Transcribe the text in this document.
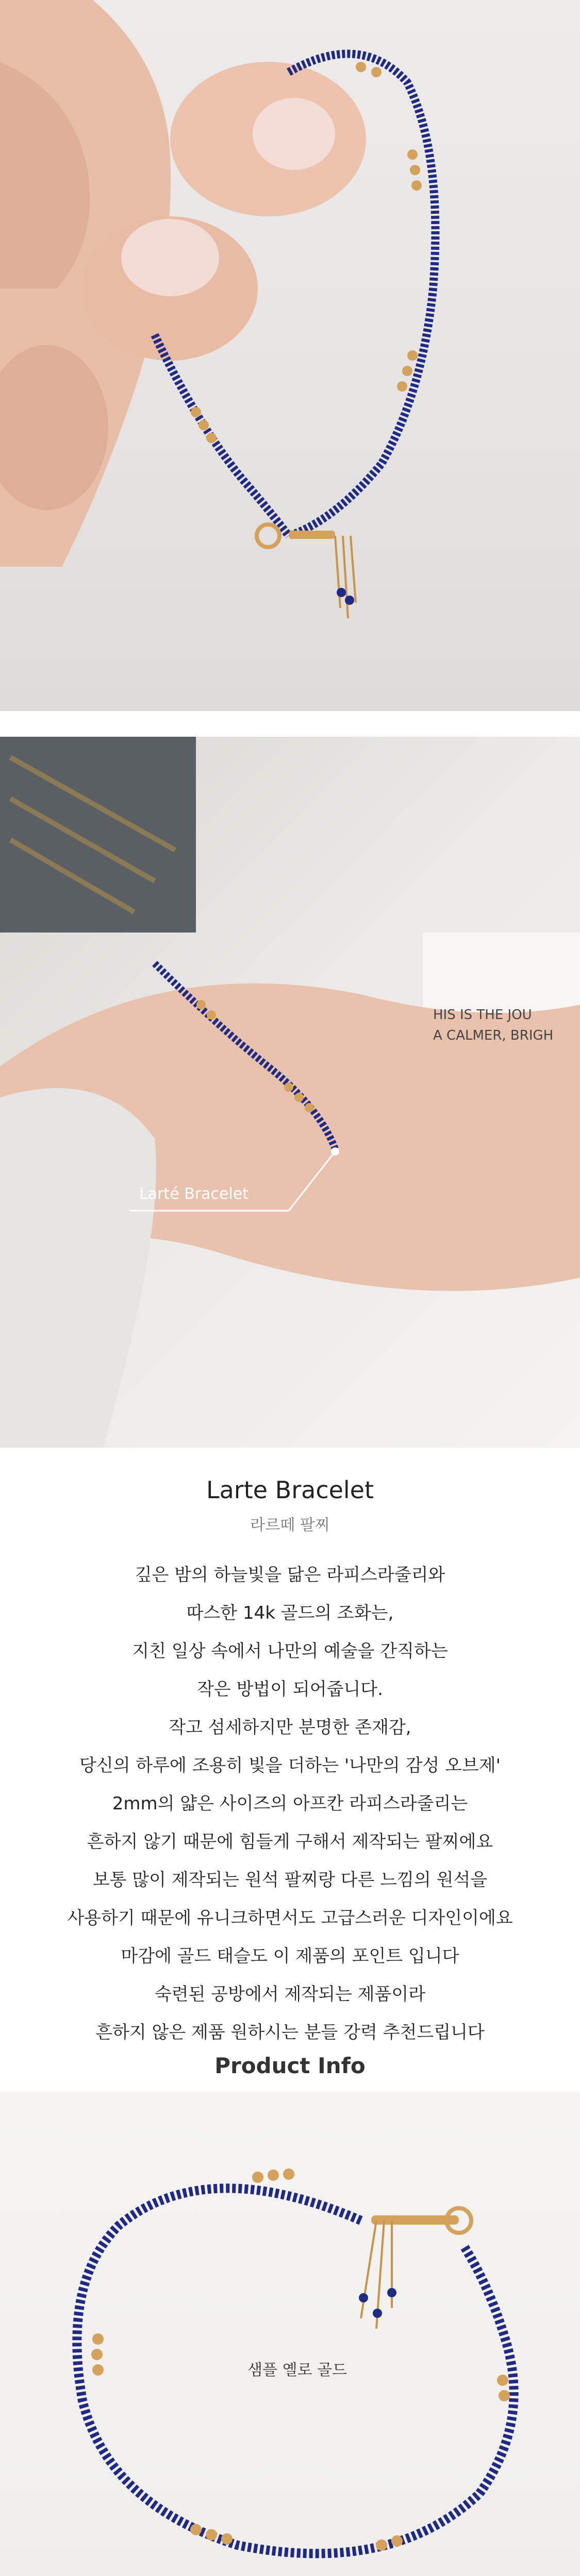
Larté Bracelet
HIS IS THE JOU
A CALMER, BRIGH
Larte Bracelet
라르떼 팔찌
깊은 밤의 하늘빛을 닮은 라피스라줄리와
따스한 14k 골드의 조화는,
지친 일상 속에서 나만의 예술을 간직하는
작은 방법이 되어줍니다.
작고 섬세하지만 분명한 존재감,
당신의 하루에 조용히 빛을 더하는 '나만의 감성 오브제'
2mm의 얇은 사이즈의 아프칸 라피스라줄리는
흔하지 않기 때문에 힘들게 구해서 제작되는 팔찌에요
보통 많이 제작되는 원석 팔찌랑 다른 느낌의 원석을
사용하기 때문에 유니크하면서도 고급스러운 디자인이에요
마감에 골드 태슬도 이 제품의 포인트 입니다
숙련된 공방에서 제작되는 제품이라
흔하지 않은 제품 원하시는 분들 강력 추천드립니다
Product Info
샘플 옐로 골드
